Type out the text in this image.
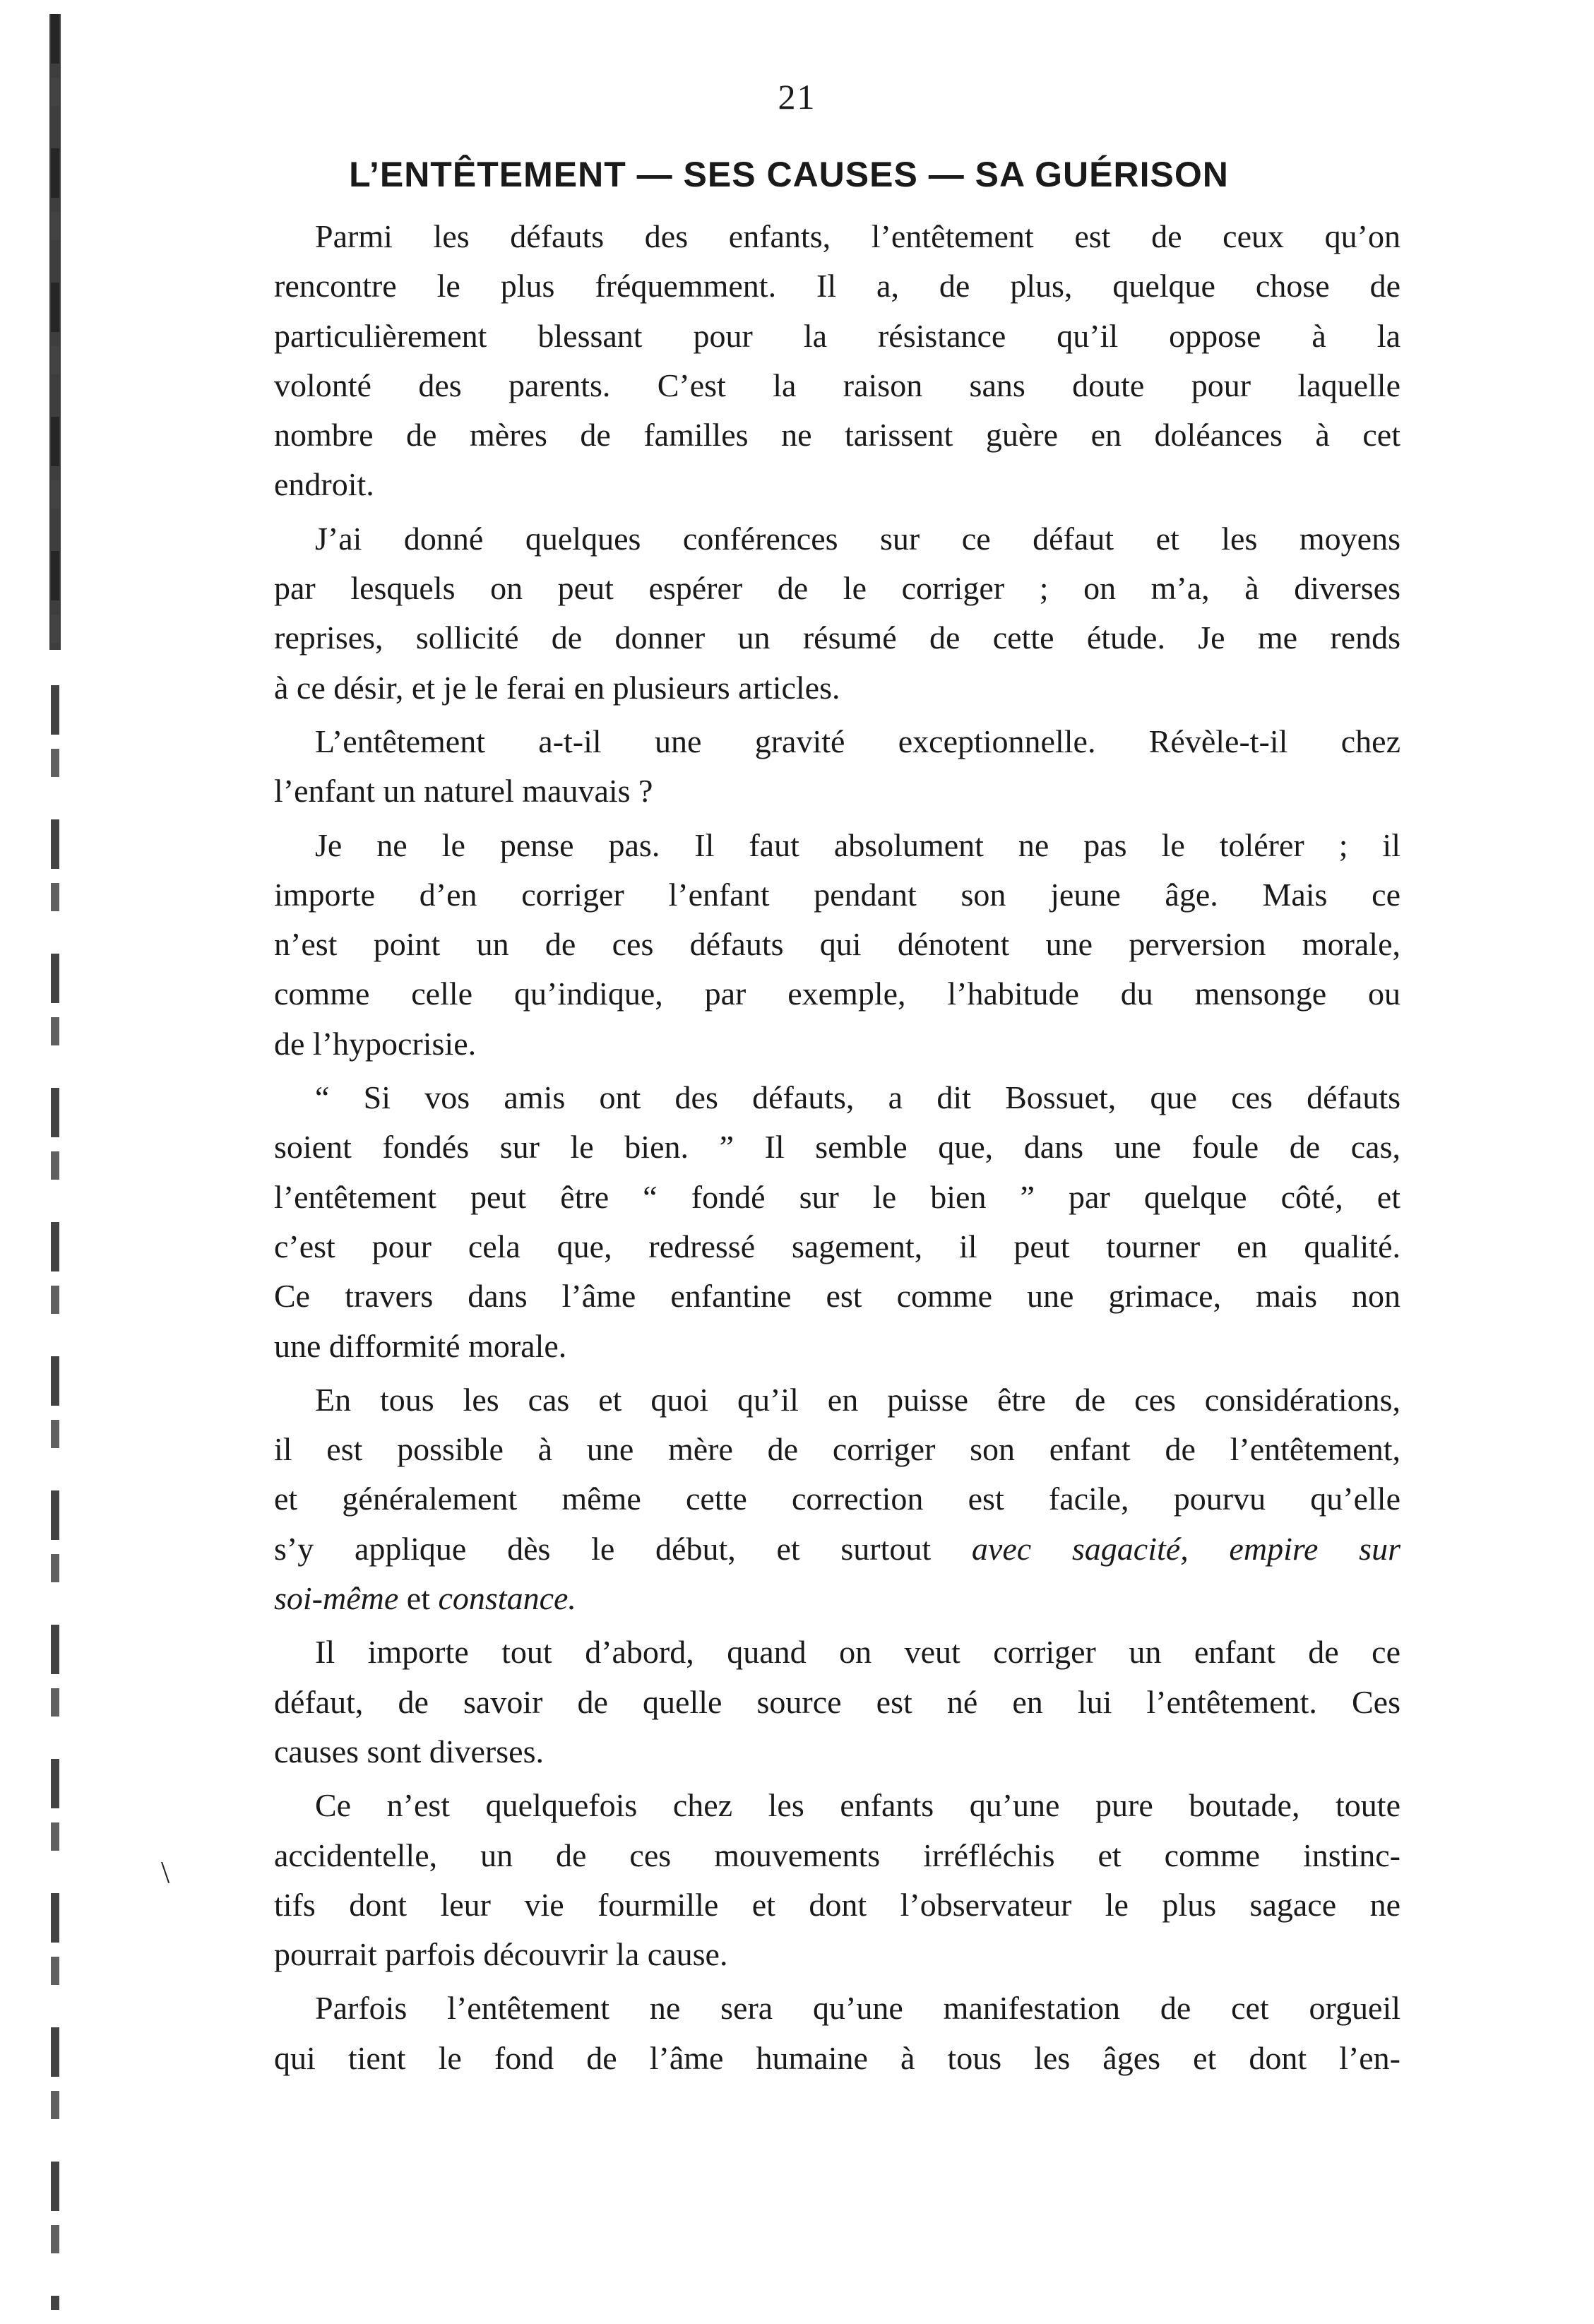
\
21
L’ENTÊTEMENT — SES CAUSES — SA GUÉRISON
Parmi les défauts des enfants, l’entêtement est de ceux qu’on
rencontre le plus fréquemment. Il a, de plus, quelque chose de
particulièrement blessant pour la résistance qu’il oppose à la
volonté des parents. C’est la raison sans doute pour laquelle
nombre de mères de familles ne tarissent guère en doléances à cet
endroit.
J’ai donné quelques conférences sur ce défaut et les moyens
par lesquels on peut espérer de le corriger ; on m’a, à diverses
reprises, sollicité de donner un résumé de cette étude. Je me rends
à ce désir, et je le ferai en plusieurs articles.
L’entêtement a-t-il une gravité exceptionnelle. Révèle-t-il chez
l’enfant un naturel mauvais ?
Je ne le pense pas. Il faut absolument ne pas le tolérer ; il
importe d’en corriger l’enfant pendant son jeune âge. Mais ce
n’est point un de ces défauts qui dénotent une perversion morale,
comme celle qu’indique, par exemple, l’habitude du mensonge ou
de l’hypocrisie.
“ Si vos amis ont des défauts, a dit Bossuet, que ces défauts
soient fondés sur le bien. ” Il semble que, dans une foule de cas,
l’entêtement peut être “ fondé sur le bien ” par quelque côté, et
c’est pour cela que, redressé sagement, il peut tourner en qualité.
Ce travers dans l’âme enfantine est comme une grimace, mais non
une difformité morale.
En tous les cas et quoi qu’il en puisse être de ces considérations,
il est possible à une mère de corriger son enfant de l’entêtement,
et généralement même cette correction est facile, pourvu qu’elle
s’y applique dès le début, et surtout avec sagacité, empire sur
soi-même et constance.
Il importe tout d’abord, quand on veut corriger un enfant de ce
défaut, de savoir de quelle source est né en lui l’entêtement. Ces
causes sont diverses.
Ce n’est quelquefois chez les enfants qu’une pure boutade, toute
accidentelle, un de ces mouvements irréfléchis et comme instinc-
tifs dont leur vie fourmille et dont l’observateur le plus sagace ne
pourrait parfois découvrir la cause.
Parfois l’entêtement ne sera qu’une manifestation de cet orgueil
qui tient le fond de l’âme humaine à tous les âges et dont l’en-
